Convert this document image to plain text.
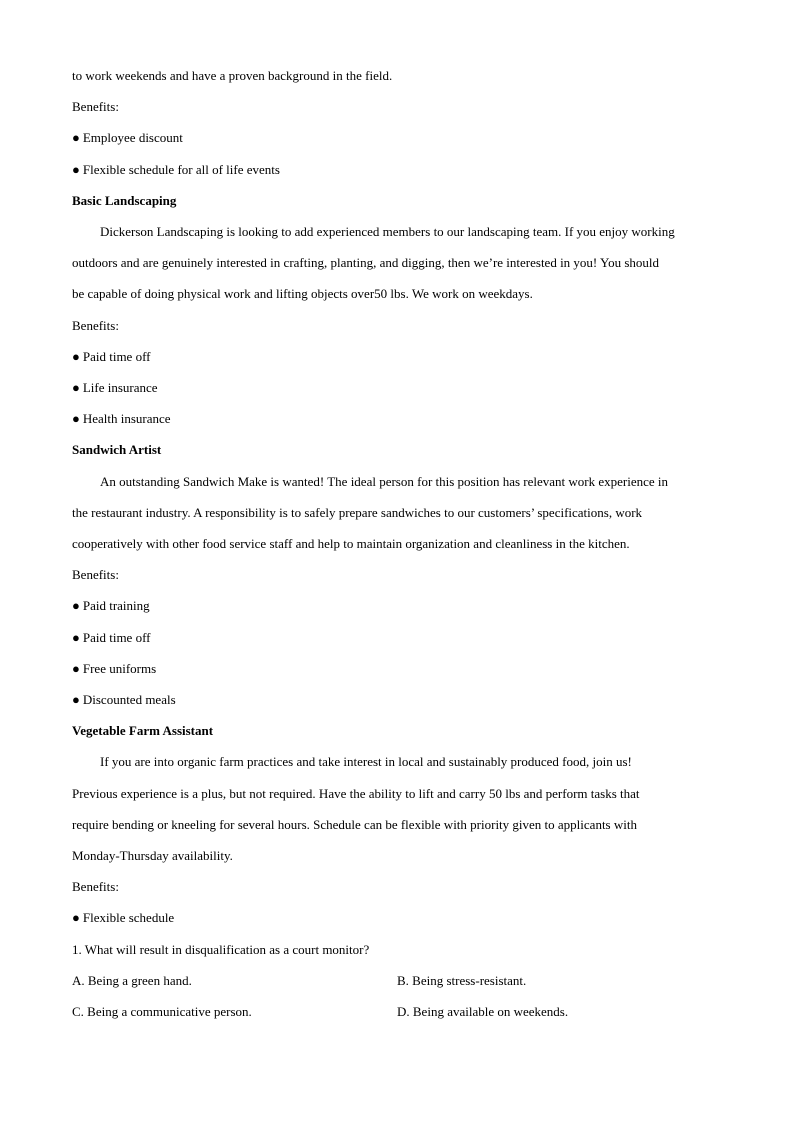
to work weekends and have a proven background in the field.
Benefits:
● Employee discount
● Flexible schedule for all of life events
Basic Landscaping
Dickerson Landscaping is looking to add experienced members to our landscaping team. If you enjoy working
outdoors and are genuinely interested in crafting, planting, and digging, then we’re interested in you! You should
be capable of doing physical work and lifting objects over50 lbs. We work on weekdays.
Benefits:
● Paid time off
● Life insurance
● Health insurance
Sandwich Artist
An outstanding Sandwich Make is wanted! The ideal person for this position has relevant work experience in
the restaurant industry. A responsibility is to safely prepare sandwiches to our customers’ specifications, work
cooperatively with other food service staff and help to maintain organization and cleanliness in the kitchen.
Benefits:
● Paid training
● Paid time off
● Free uniforms
● Discounted meals
Vegetable Farm Assistant
If you are into organic farm practices and take interest in local and sustainably produced food, join us!
Previous experience is a plus, but not required. Have the ability to lift and carry 50 lbs and perform tasks that
require bending or kneeling for several hours. Schedule can be flexible with priority given to applicants with
Monday-Thursday availability.
Benefits:
● Flexible schedule
1. What will result in disqualification as a court monitor?
A. Being a green hand.	B. Being stress-resistant.
C. Being a communicative person.	D. Being available on weekends.
